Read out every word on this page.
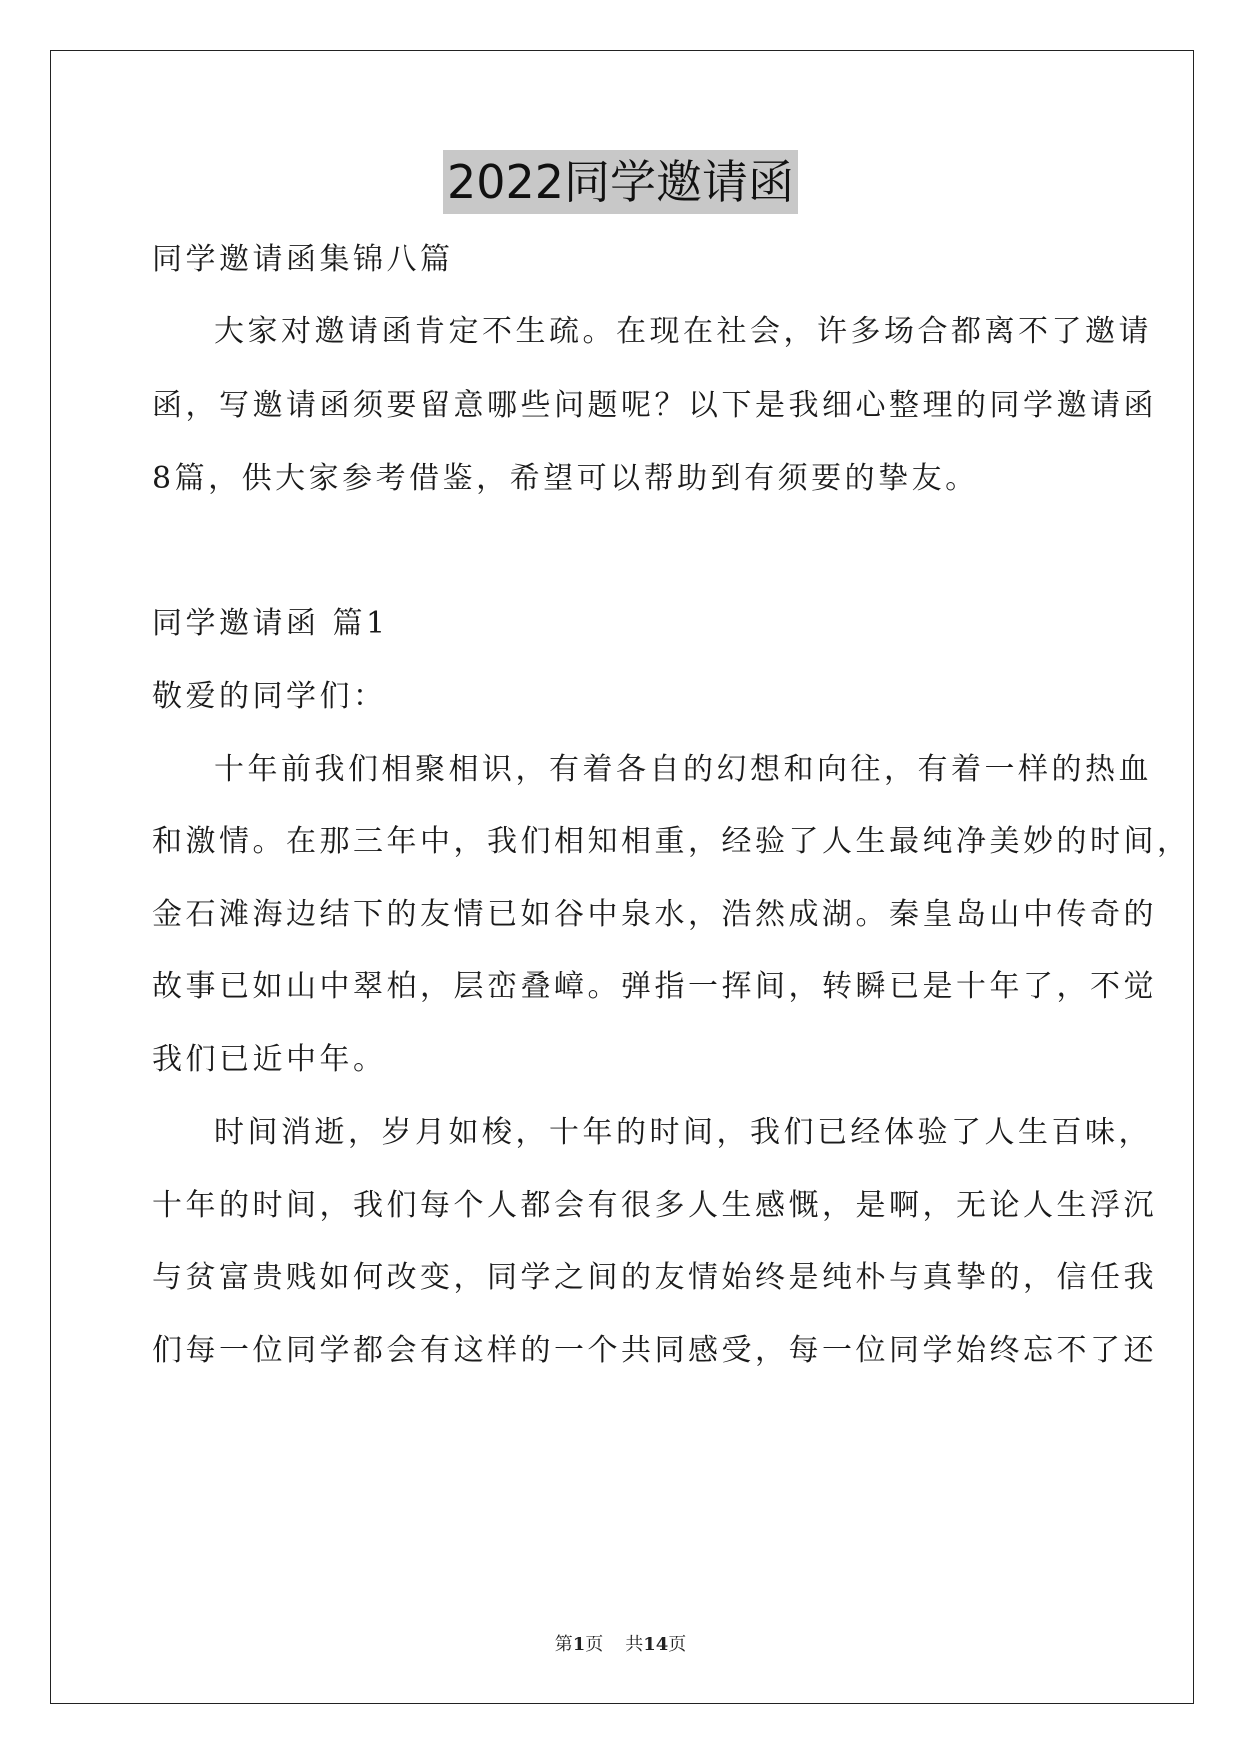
2022同学邀请函
同学邀请函集锦八篇
大家对邀请函肯定不生疏。在现在社会，许多场合都离不了邀请
函，写邀请函须要留意哪些问题呢？以下是我细心整理的同学邀请函
8篇，供大家参考借鉴，希望可以帮助到有须要的挚友。
同学邀请函 篇1
敬爱的同学们：
十年前我们相聚相识，有着各自的幻想和向往，有着一样的热血
和激情。在那三年中，我们相知相重，经验了人生最纯净美妙的时间，
金石滩海边结下的友情已如谷中泉水，浩然成湖。秦皇岛山中传奇的
故事已如山中翠柏，层峦叠嶂。弹指一挥间，转瞬已是十年了，不觉
我们已近中年。
时间消逝，岁月如梭，十年的时间，我们已经体验了人生百味，
十年的时间，我们每个人都会有很多人生感慨，是啊，无论人生浮沉
与贫富贵贱如何改变，同学之间的友情始终是纯朴与真挚的，信任我
们每一位同学都会有这样的一个共同感受，每一位同学始终忘不了还
第1页 共14页
